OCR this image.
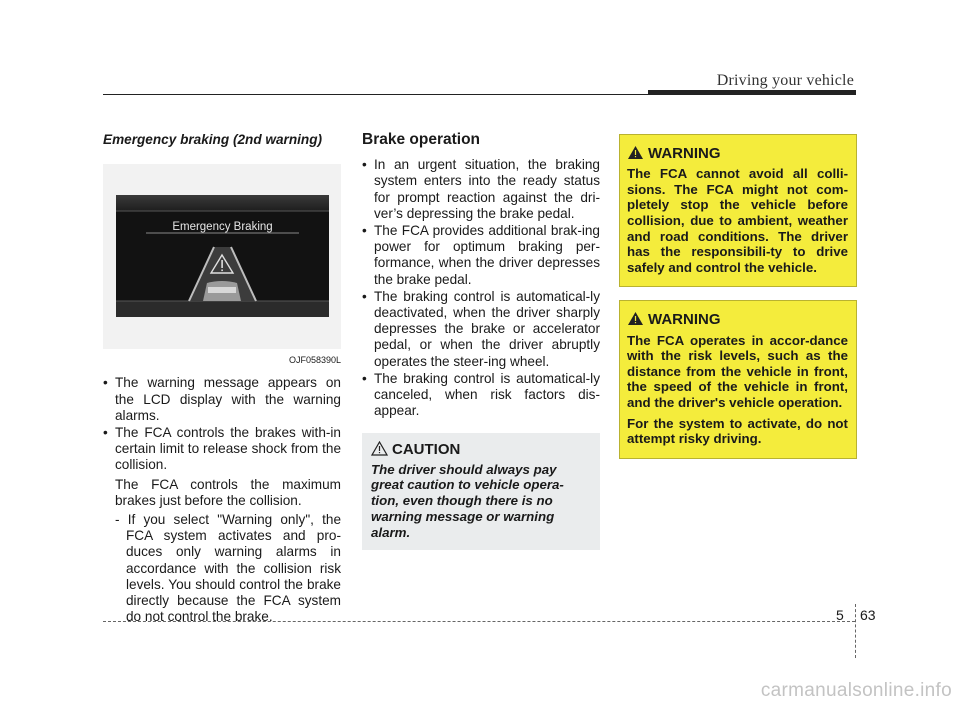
Driving your vehicle
Emergency braking (2nd warning)
Emergency Braking
OJF058390L
• The warning message appears on the LCD display with the warning alarms.
• The FCA controls the brakes with-in certain limit to release shock from the collision.
The FCA controls the maximum brakes just before the collision.
- If you select "Warning only", the FCA system activates and pro-duces only warning alarms in accordance with the collision risk levels. You should control the brake directly because the FCA system do not control the brake.
Brake operation
• In an urgent situation, the braking system enters into the ready status for prompt reaction against the dri-ver’s depressing the brake pedal.
• The FCA provides additional brak-ing power for optimum braking per-formance, when the driver depresses the brake pedal.
• The braking control is automatical-ly deactivated, when the driver sharply depresses the brake or accelerator pedal, or when the driver abruptly operates the steer-ing wheel.
• The braking control is automatical-ly canceled, when risk factors dis-appear.
CAUTION
The driver should always pay great caution to vehicle opera-tion, even though there is no warning message or warning alarm.
WARNING

The FCA cannot avoid all colli-sions. The FCA might not com-pletely stop the vehicle before collision, due to ambient, weather and road conditions. The driver has the responsibili-ty to drive safely and control the vehicle.

WARNING

The FCA operates in accor-dance with the risk levels, such as the distance from the vehicle in front, the speed of the vehicle in front, and the driver's vehicle operation.

For the system to activate, do not attempt risky driving.

5 63
carmanualsonline.info
